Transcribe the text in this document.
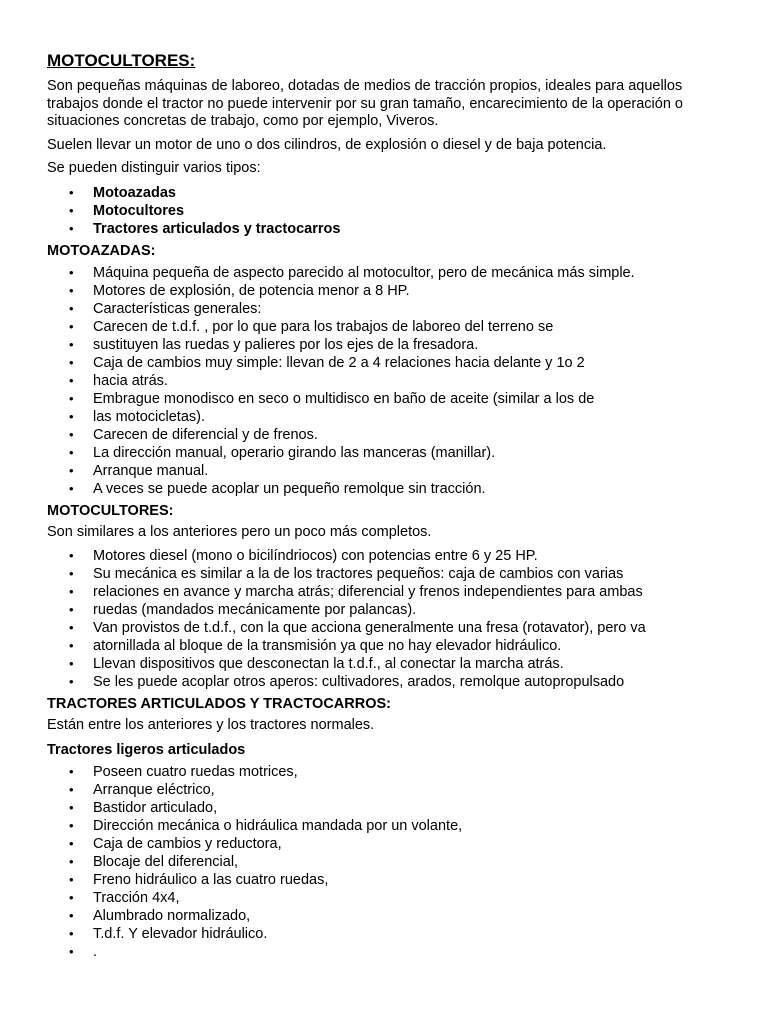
MOTOCULTORES:
Son pequeñas máquinas de laboreo, dotadas de medios de tracción propios, ideales para aquellos trabajos donde el tractor no puede intervenir por su gran tamaño, encarecimiento de la operación o situaciones concretas de trabajo, como por ejemplo, Viveros.
Suelen llevar un motor de uno o dos cilindros, de explosión o diesel y de baja potencia.
Se pueden distinguir varios tipos:
• Motoazadas
• Motocultores
• Tractores articulados y tractocarros
MOTOAZADAS:
• Máquina pequeña de aspecto parecido al motocultor, pero de mecánica más simple.
• Motores de explosión, de potencia menor a 8 HP.
• Características generales:
• Carecen de t.d.f. , por lo que para los trabajos de laboreo del terreno se
• sustituyen las ruedas y palieres por los ejes de la fresadora.
• Caja de cambios muy simple: llevan de 2 a 4 relaciones hacia delante y 1o 2
• hacia atrás.
• Embrague monodisco en seco o multidisco en baño de aceite (similar a los de
• las motocicletas).
• Carecen de diferencial y de frenos.
• La dirección manual, operario girando las manceras (manillar).
• Arranque manual.
• A veces se puede acoplar un pequeño remolque sin tracción.
MOTOCULTORES:
Son similares a los anteriores pero un poco más completos.
• Motores diesel (mono o bicilíndriocos) con potencias entre 6 y 25 HP.
• Su mecánica es similar a la de los tractores pequeños: caja de cambios con varias
• relaciones en avance y marcha atrás; diferencial y frenos independientes para ambas
• ruedas (mandados mecánicamente por palancas).
• Van provistos de t.d.f., con la que acciona generalmente una fresa (rotavator), pero va
• atornillada al bloque de la transmisión ya que no hay elevador hidráulico.
• Llevan dispositivos que desconectan la t.d.f., al conectar la marcha atrás.
• Se les puede acoplar otros aperos: cultivadores, arados, remolque autopropulsado
TRACTORES ARTICULADOS Y TRACTOCARROS:
Están entre los anteriores y los tractores normales.
Tractores ligeros articulados
• Poseen cuatro ruedas motrices,
• Arranque eléctrico,
• Bastidor articulado,
• Dirección mecánica o hidráulica mandada por un volante,
• Caja de cambios y reductora,
• Blocaje del diferencial,
• Freno hidráulico a las cuatro ruedas,
• Tracción 4x4,
• Alumbrado normalizado,
• T.d.f. Y elevador hidráulico.
• .
